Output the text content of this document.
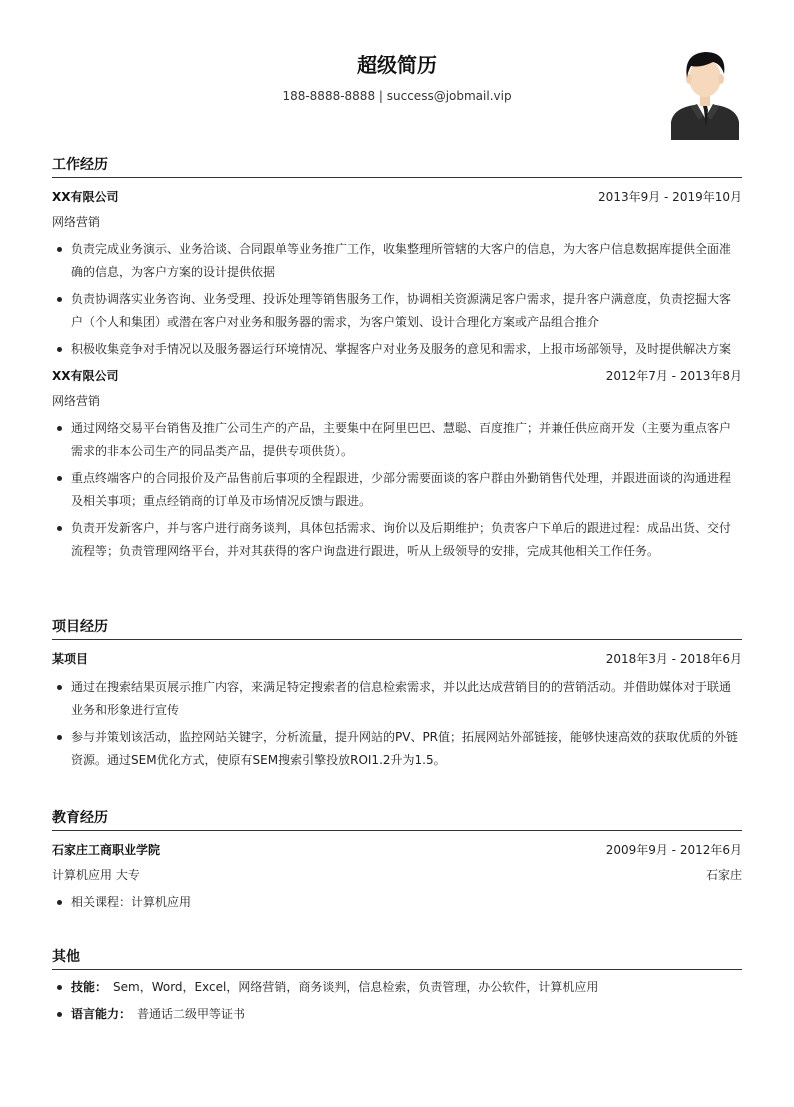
超级简历
188-8888-8888 | success@jobmail.vip
工作经历
XX有限公司	2013年9月 - 2019年10月
网络营销
负责完成业务演示、业务洽谈、合同跟单等业务推广工作，收集整理所管辖的大客户的信息，为大客户信息数据库提供全面准确的信息，为客户方案的设计提供依据
负责协调落实业务咨询、业务受理、投诉处理等销售服务工作，协调相关资源满足客户需求，提升客户满意度，负责挖掘大客户（个人和集团）或潜在客户对业务和服务器的需求，为客户策划、设计合理化方案或产品组合推介
积极收集竞争对手情况以及服务器运行环境情况、掌握客户对业务及服务的意见和需求，上报市场部领导，及时提供解决方案
XX有限公司	2012年7月 - 2013年8月
网络营销
通过网络交易平台销售及推广公司生产的产品，主要集中在阿里巴巴、慧聪、百度推广；并兼任供应商开发（主要为重点客户需求的非本公司生产的同品类产品，提供专项供货）。
重点终端客户的合同报价及产品售前后事项的全程跟进，少部分需要面谈的客户群由外勤销售代处理，并跟进面谈的沟通进程及相关事项；重点经销商的订单及市场情况反馈与跟进。
负责开发新客户，并与客户进行商务谈判，具体包括需求、询价以及后期维护；负责客户下单后的跟进过程：成品出货、交付流程等；负责管理网络平台，并对其获得的客户询盘进行跟进，听从上级领导的安排，完成其他相关工作任务。
项目经历
某项目	2018年3月 - 2018年6月
通过在搜索结果页展示推广内容，来满足特定搜索者的信息检索需求，并以此达成营销目的的营销活动。并借助媒体对于联通业务和形象进行宣传
参与并策划该活动，监控网站关键字，分析流量，提升网站的PV、PR值；拓展网站外部链接，能够快速高效的获取优质的外链资源。通过SEM优化方式，使原有SEM搜索引擎投放ROI1.2升为1.5。
教育经历
石家庄工商职业学院	2009年9月 - 2012年6月
计算机应用 大专	石家庄
相关课程：计算机应用
其他
技能： Sem，Word，Excel，网络营销，商务谈判，信息检索，负责管理，办公软件，计算机应用
语言能力： 普通话二级甲等证书
